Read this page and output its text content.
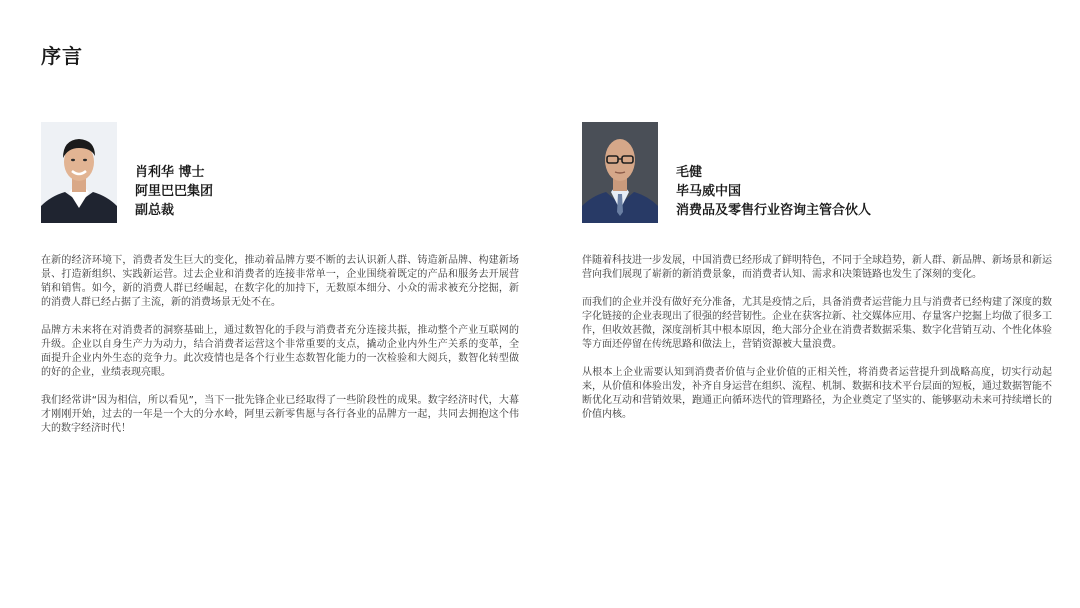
序言
肖利华 博士
阿里巴巴集团
副总裁

在新的经济环境下，消费者发生巨大的变化，推动着品牌方要不断的去认识新人群、铸造新品牌、构建新场景、打造新组织、实践新运营。过去企业和消费者的连接非常单一，企业围绕着既定的产品和服务去开展营销和销售。如今，新的消费人群已经崛起，在数字化的加持下，无数原本细分、小众的需求被充分挖掘，新的消费人群已经占据了主流，新的消费场景无处不在。

品牌方未来将在对消费者的洞察基础上，通过数智化的手段与消费者充分连接共振，推动整个产业互联网的升级。企业以自身生产力为动力，结合消费者运营这个非常重要的支点，撬动企业内外生产关系的变革，全面提升企业内外生态的竞争力。此次疫情也是各个行业生态数智化能力的一次检验和大阅兵，数智化转型做的好的企业，业绩表现亮眼。

我们经常讲“因为相信，所以看见”，当下一批先锋企业已经取得了一些阶段性的成果。数字经济时代，大幕才刚刚开始，过去的一年是一个大的分水岭，阿里云新零售愿与各行各业的品牌方一起，共同去拥抱这个伟大的数字经济时代！

毛健
毕马威中国
消费品及零售行业咨询主管合伙人

伴随着科技进一步发展，中国消费已经形成了鲜明特色，不同于全球趋势，新人群、新品牌、新场景和新运营向我们展现了崭新的新消费景象，而消费者认知、需求和决策链路也发生了深刻的变化。

而我们的企业并没有做好充分准备，尤其是疫情之后，具备消费者运营能力且与消费者已经构建了深度的数字化链接的企业表现出了很强的经营韧性。企业在获客拉新、社交媒体应用、存量客户挖掘上均做了很多工作，但收效甚微，深度剖析其中根本原因，绝大部分企业在消费者数据采集、数字化营销互动、个性化体验等方面还停留在传统思路和做法上，营销资源被大量浪费。

从根本上企业需要认知到消费者价值与企业价值的正相关性，将消费者运营提升到战略高度，切实行动起来，从价值和体验出发，补齐自身运营在组织、流程、机制、数据和技术平台层面的短板，通过数据智能不断优化互动和营销效果，跑通正向循环迭代的管理路径，为企业奠定了坚实的、能够驱动未来可持续增长的价值内核。
